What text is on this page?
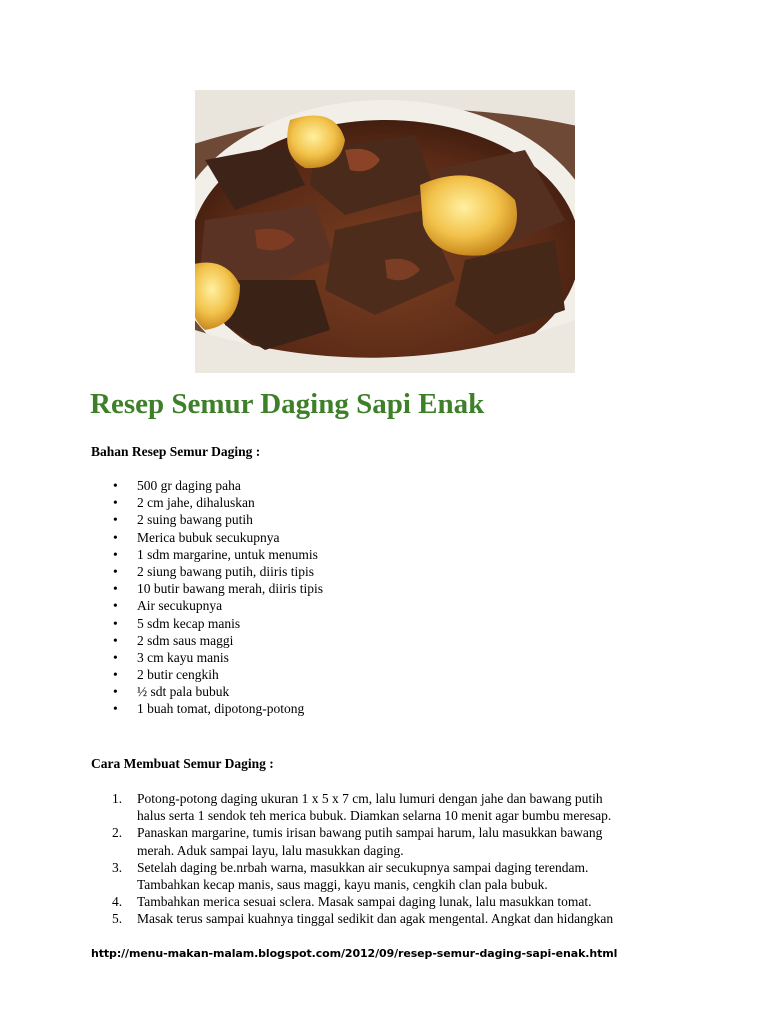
Resep Semur Daging Sapi Enak
Bahan Resep Semur Daging :
• 500 gr daging paha
• 2 cm jahe, dihaluskan
• 2 suing bawang putih
• Merica bubuk secukupnya
• 1 sdm margarine, untuk menumis
• 2 siung bawang putih, diiris tipis
• 10 butir bawang merah, diiris tipis
• Air secukupnya
• 5 sdm kecap manis
• 2 sdm saus maggi
• 3 cm kayu manis
• 2 butir cengkih
• ½ sdt pala bubuk
• 1 buah tomat, dipotong-potong
Cara Membuat Semur Daging :
1. Potong-potong daging ukuran 1 x 5 x 7 cm, lalu lumuri dengan jahe dan bawang putih
halus serta 1 sendok teh merica bubuk. Diamkan selarna 10 menit agar bumbu meresap.
2. Panaskan margarine, tumis irisan bawang putih sampai harum, lalu masukkan bawang
merah. Aduk sampai layu, lalu masukkan daging.
3. Setelah daging be.nrbah warna, masukkan air secukupnya sampai daging terendam.
Tambahkan kecap manis, saus maggi, kayu manis, cengkih clan pala bubuk.
4. Tambahkan merica sesuai sclera. Masak sampai daging lunak, lalu masukkan tomat.
5. Masak terus sampai kuahnya tinggal sedikit dan agak mengental. Angkat dan hidangkan
http://menu-makan-malam.blogspot.com/2012/09/resep-semur-daging-sapi-enak.html
